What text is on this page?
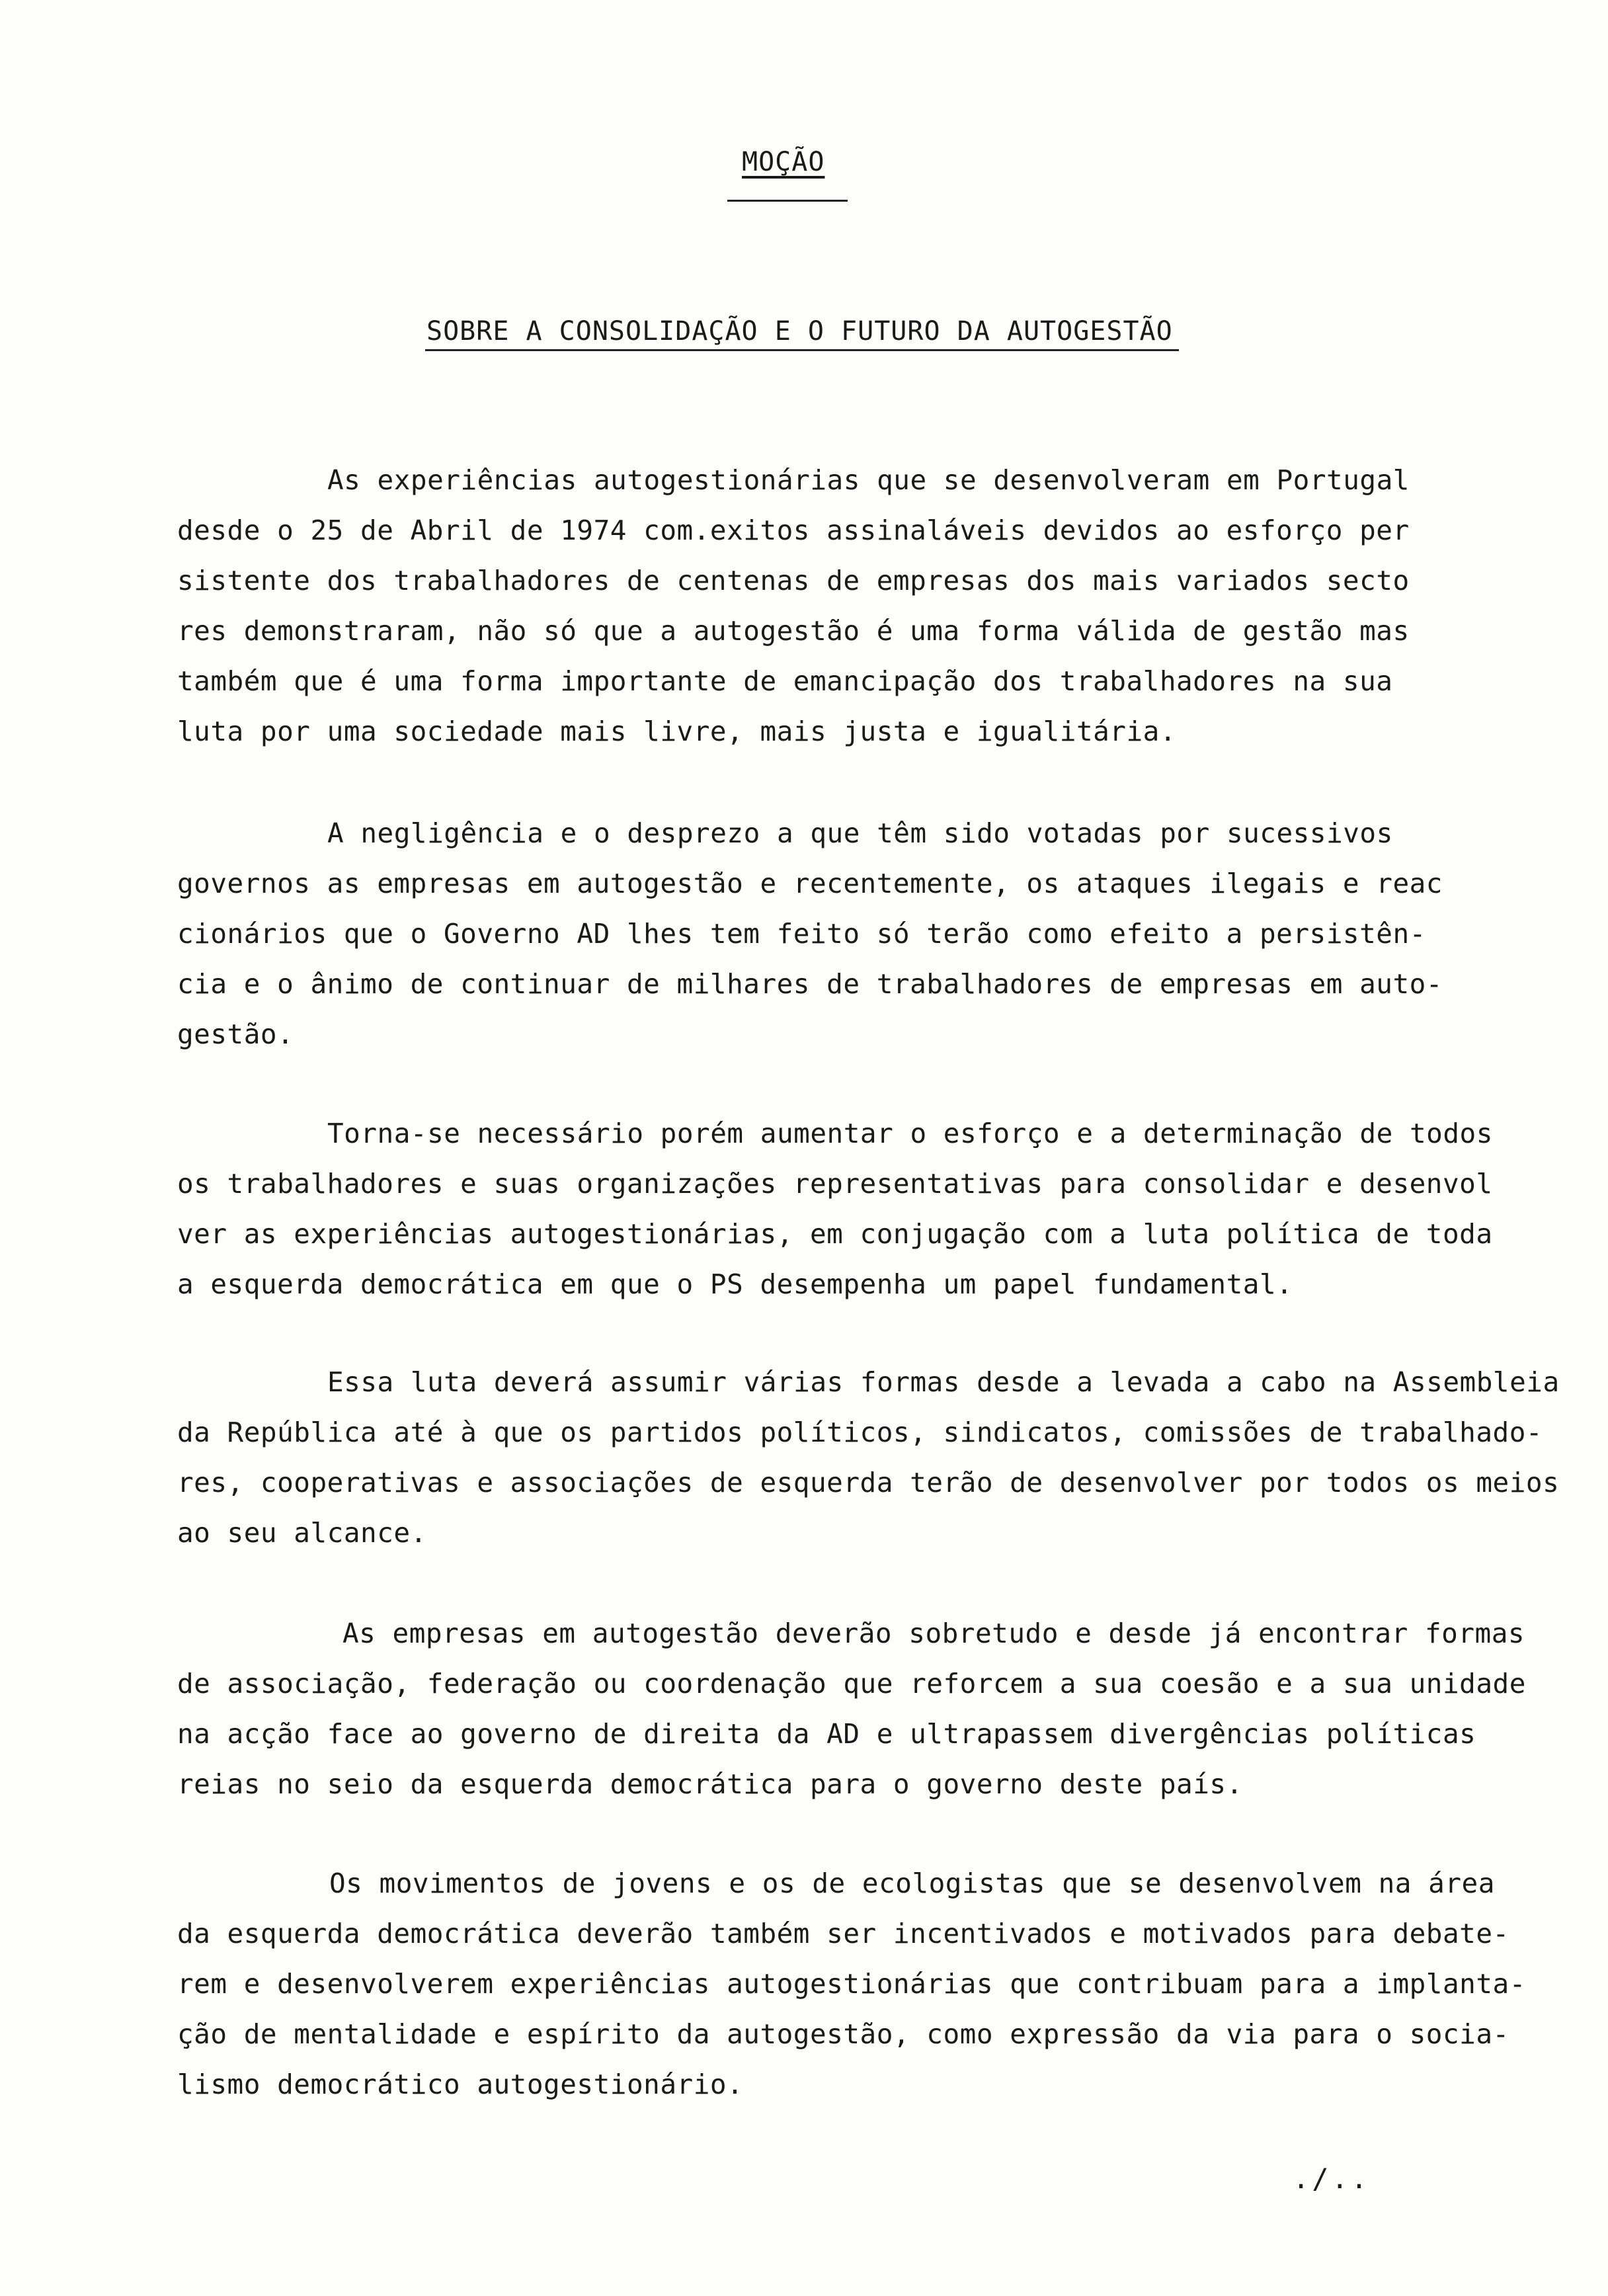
MOÇÃO
SOBRE A CONSOLIDAÇÃO E O FUTURO DA AUTOGESTÃO
As experiências autogestionárias que se desenvolveram em Portugal
desde o 25 de Abril de 1974 com.exitos assinaláveis devidos ao esforço per
sistente dos trabalhadores de centenas de empresas dos mais variados secto
res demonstraram, não só que a autogestão é uma forma válida de gestão mas
também que é uma forma importante de emancipação dos trabalhadores na sua
luta por uma sociedade mais livre, mais justa e igualitária.
A negligência e o desprezo a que têm sido votadas por sucessivos
governos as empresas em autogestão e recentemente, os ataques ilegais e reac
cionários que o Governo AD lhes tem feito só terão como efeito a persistên-
cia e o ânimo de continuar de milhares de trabalhadores de empresas em auto-
gestão.
Torna-se necessário porém aumentar o esforço e a determinação de todos
os trabalhadores e suas organizações representativas para consolidar e desenvol
ver as experiências autogestionárias, em conjugação com a luta política de toda
a esquerda democrática em que o PS desempenha um papel fundamental.
Essa luta deverá assumir várias formas desde a levada a cabo na Assembleia
da República até à que os partidos políticos, sindicatos, comissões de trabalhado-
res, cooperativas e associações de esquerda terão de desenvolver por todos os meios
ao seu alcance.
As empresas em autogestão deverão sobretudo e desde já encontrar formas
de associação, federação ou coordenação que reforcem a sua coesão e a sua unidade
na acção face ao governo de direita da AD e ultrapassem divergências políticas
reias no seio da esquerda democrática para o governo deste país.
Os movimentos de jovens e os de ecologistas que se desenvolvem na área
da esquerda democrática deverão também ser incentivados e motivados para debate-
rem e desenvolverem experiências autogestionárias que contribuam para a implanta-
ção de mentalidade e espírito da autogestão, como expressão da via para o socia-
lismo democrático autogestionário.
./..
